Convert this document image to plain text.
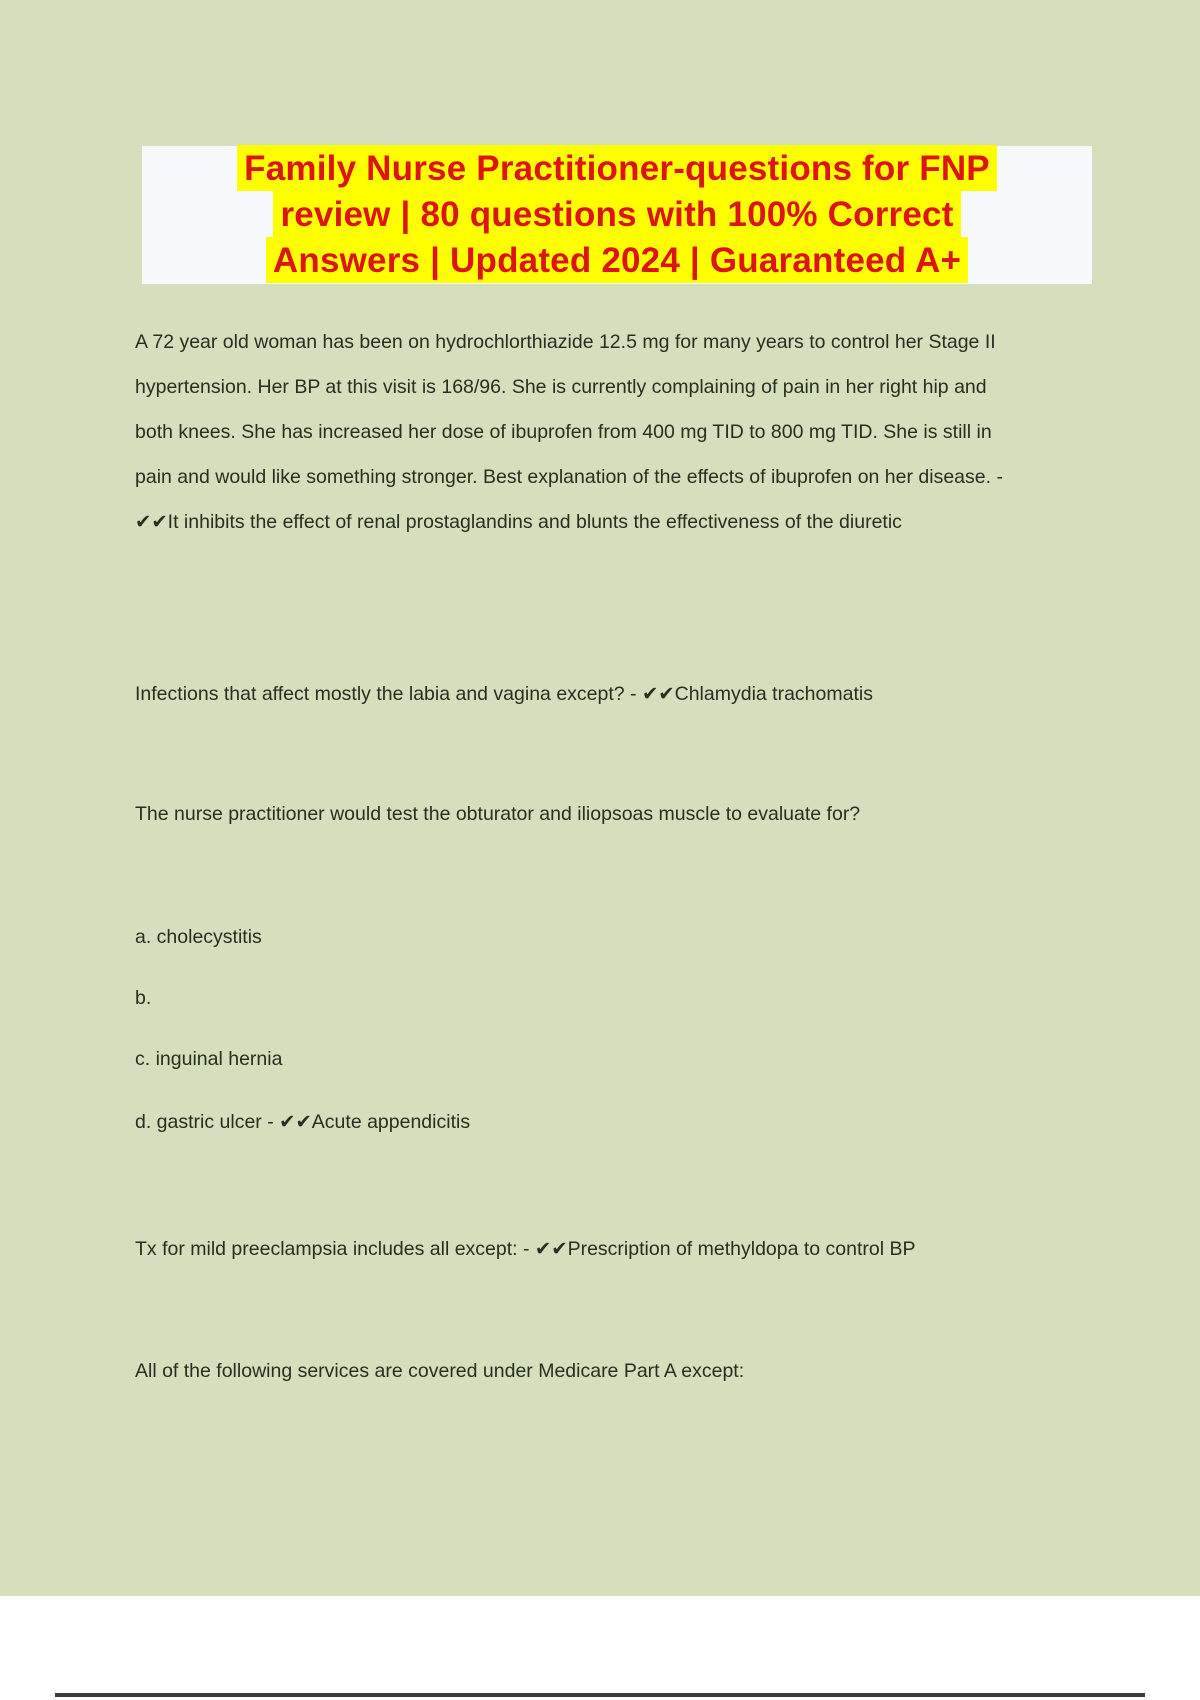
Family Nurse Practitioner-questions for FNP
review | 80 questions with 100% Correct
Answers | Updated 2024 | Guaranteed A+
A 72 year old woman has been on hydrochlorthiazide 12.5 mg for many years to control her Stage II hypertension. Her BP at this visit is 168/96. She is currently complaining of pain in her right hip and both knees. She has increased her dose of ibuprofen from 400 mg TID to 800 mg TID. She is still in pain and would like something stronger. Best explanation of the effects of ibuprofen on her disease. - ✔✔It inhibits the effect of renal prostaglandins and blunts the effectiveness of the diuretic
Infections that affect mostly the labia and vagina except? - ✔✔Chlamydia trachomatis
The nurse practitioner would test the obturator and iliopsoas muscle to evaluate for?
a. cholecystitis
b.
c. inguinal hernia
d. gastric ulcer - ✔✔Acute appendicitis
Tx for mild preeclampsia includes all except: - ✔✔Prescription of methyldopa to control BP
All of the following services are covered under Medicare Part A except:
